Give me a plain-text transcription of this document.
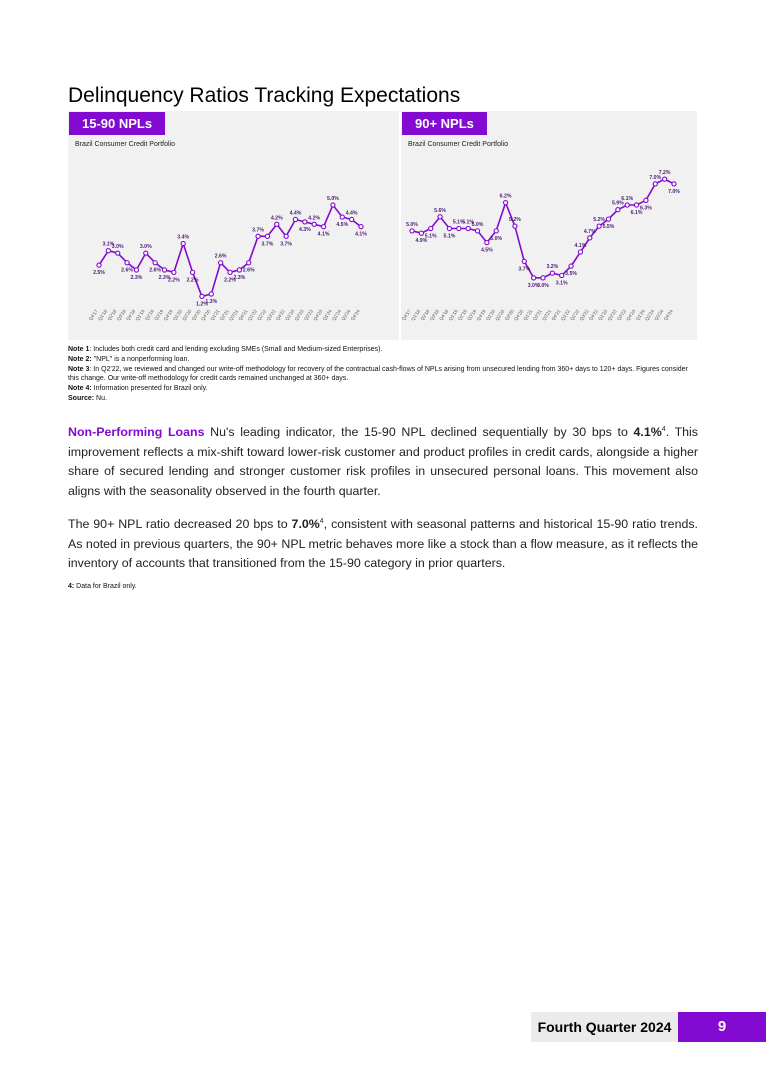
Delinquency Ratios Tracking Expectations
15-90 NPLs
Brazil Consumer Credit Portfolio
2.5%
Q4'17
3.1%
Q1'18
3.0%
Q2'18
2.6%
Q3'18
2.3%
Q4'18
3.0%
Q1'19
2.6%
Q2'19
2.3%
Q3'19
2.2%
Q4'19
3.4%
Q1'20
2.2%
Q2'20
1.2%
Q3'20
1.3%
Q4'20
2.6%
Q1'21
2.2%
Q2'21
2.3%
Q3'21
2.6%
Q4'21
3.7%
Q1'22
3.7%
Q2'22
4.2%
Q3'22
3.7%
Q4'22
4.4%
Q1'23
4.3%
Q2'23
4.2%
Q3'23
4.1%
Q4'23
5.0%
Q1'24
4.5%
Q2'24
4.4%
Q3'24
4.1%
Q4'24
90+ NPLs
Brazil Consumer Credit Portfolio
5.0%
Q4'17
4.9%
Q1'18
5.1%
Q2'18
5.6%
Q3'18
5.1%
Q4'18
5.1%
Q1'19
5.1%
Q2'19
5.0%
Q3'19
4.5%
Q4'19
5.0%
Q1'20
6.2%
Q2'20
5.2%
Q3'20
3.7%
Q4'20
3.0%
Q1'21
3.0%
Q2'21
3.2%
Q3'21
3.1%
Q4'21
3.5%
Q1'22
4.1%
Q2'22
4.7%
Q3'22
5.2%
Q4'22
5.5%
Q1'23
5.9%
Q2'23
6.1%
Q3'23
6.1%
Q4'23
6.3%
Q1'24
7.0%
Q2'24
7.2%
Q3'24
7.0%
Q4'24

Note 1: Includes both credit card and lending excluding SMEs (Small and Medium-sized Enterprises).

Note 2: "NPL" is a nonperforming loan.

Note 3: In Q2'22, we reviewed and changed our write-off methodology for recovery of the contractual cash-flows of NPLs arising from unsecured lending from 360+ days to 120+ days. Figures consider this change. Our write-off methodology for credit cards remained unchanged at 360+ days.

Note 4: Information presented for Brazil only.

Source: Nu.

Non-Performing Loans Nu's leading indicator, the 15-90 NPL declined sequentially by 30 bps to 4.1%$^4$. This improvement reflects a mix-shift toward lower-risk customer and product profiles in credit cards, alongside a higher share of secured lending and stronger customer risk profiles in unsecured personal loans. This movement also aligns with the seasonality observed in the fourth quarter.

The 90+ NPL ratio decreased 20 bps to 7.0%$^4$, consistent with seasonal patterns and historical 15-90 ratio trends. As noted in previous quarters, the 90+ NPL metric behaves more like a stock than a flow measure, as it reflects the inventory of accounts that transitioned from the 15-90 category in prior quarters.

4: Data for Brazil only.

Fourth Quarter 2024	9
